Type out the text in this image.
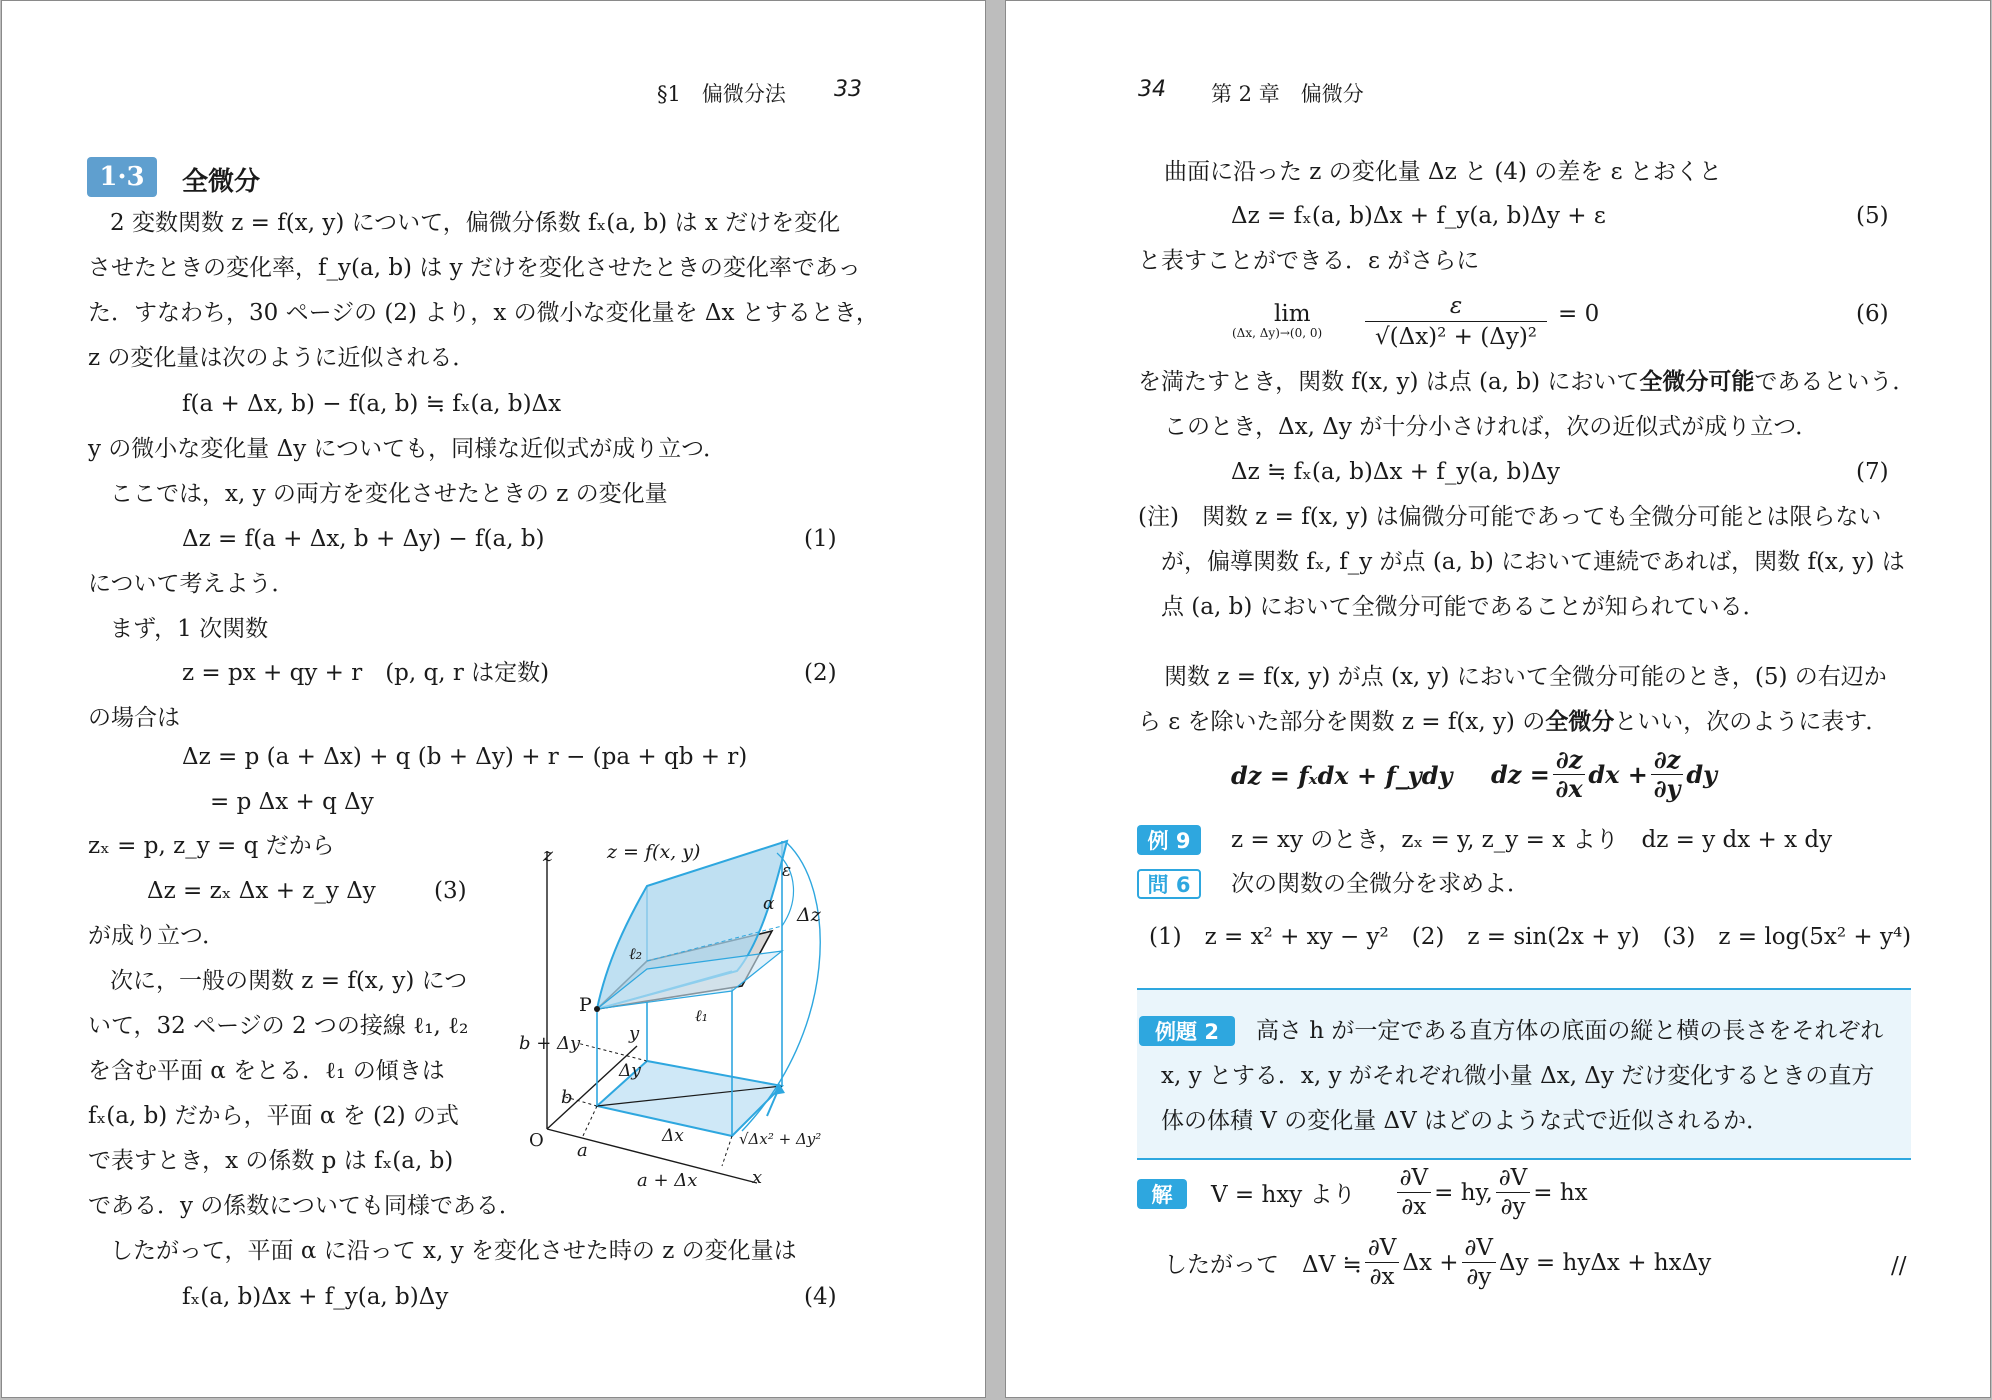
§1　偏微分法 33
1·3	全微分
2 変数関数 z = f(x, y) について，偏微分係数 fₓ(a, b) は x だけを変化
させたときの変化率，f_y(a, b) は y だけを変化させたときの変化率であっ
た．すなわち，30 ページの (2) より，x の微小な変化量を Δx とするとき，
z の変化量は次のように近似される．
f(a + Δx, b) − f(a, b) ≒ fₓ(a, b)Δx
y の微小な変化量 Δy についても，同様な近似式が成り立つ．
ここでは，x, y の両方を変化させたときの z の変化量
Δz = f(a + Δx, b + Δy) − f(a, b)	(1)
について考えよう．
まず，1 次関数
z = px + qy + r　(p, q, r は定数)	(2)
の場合は
Δz = p (a + Δx) + q (b + Δy) + r − (pa + qb + r)
= p Δx + q Δy
zₓ = p, z_y = q だから
Δz = zₓ Δx + z_y Δy	(3)
が成り立つ．
次に，一般の関数 z = f(x, y) につ
いて，32 ページの 2 つの接線 ℓ₁, ℓ₂
を含む平面 α をとる．ℓ₁ の傾きは
fₓ(a, b) だから，平面 α を (2) の式
で表すとき，x の係数 p は fₓ(a, b)
である．y の係数についても同様である．
したがって，平面 α に沿って x, y を変化させた時の z の変化量は
fₓ(a, b)Δx + f_y(a, b)Δy	(4)
z	z = f(x, y)
ε
α Δz
ℓ₂
P	ℓ₁
b + Δy	y
Δy
b
O a
Δx	√Δx² + Δy²
a + Δx	x
34 第 2 章　偏微分
曲面に沿った z の変化量 Δz と (4) の差を ε とおくと
Δz = fₓ(a, b)Δx + f_y(a, b)Δy + ε	(5)
と表すことができる．ε がさらに
lim
(Δx, Δy)→(0, 0)
ε
√(Δx)² + (Δy)²
= 0	(6)
を満たすとき，関数 f(x, y) は点 (a, b) において全微分可能であるという．
このとき，Δx, Δy が十分小さければ，次の近似式が成り立つ．
Δz ≒ fₓ(a, b)Δx + f_y(a, b)Δy	(7)
(注)　関数 z = f(x, y) は偏微分可能であっても全微分可能とは限らない
が，偏導関数 fₓ, f_y が点 (a, b) において連続であれば，関数 f(x, y) は
点 (a, b) において全微分可能であることが知られている．
関数 z = f(x, y) が点 (x, y) において全微分可能のとき，(5) の右辺か
ら ε を除いた部分を関数 z = f(x, y) の全微分といい，次のように表す．
dz = fₓdx + f_ydy dz = $\frac{\partial z}{\partial x}$ dx + $\frac{\partial z}{\partial y}$ dy
例 9	z = xy のとき，zₓ = y, z_y = x より　dz = y dx + x dy
問 6	次の関数の全微分を求めよ．
(1)　z = x² + xy − y²　(2)　z = sin(2x + y)　(3)　z = log(5x² + y⁴)
例題 2	高さ h が一定である直方体の底面の縦と横の長さをそれぞれ
x, y とする．x, y がそれぞれ微小量 Δx, Δy だけ変化するときの直方
体の体積 V の変化量 ΔV はどのような式で近似されるか．
解	V = hxy より $\frac{\partial V}{\partial x}$ = hy, $\frac{\partial V}{\partial y}$ = hx
したがって　ΔV ≒ $\frac{\partial V}{\partial x}$ $\Delta x + \frac{\partial V}{\partial y}$ Δy = hyΔx + hxΔy	//
